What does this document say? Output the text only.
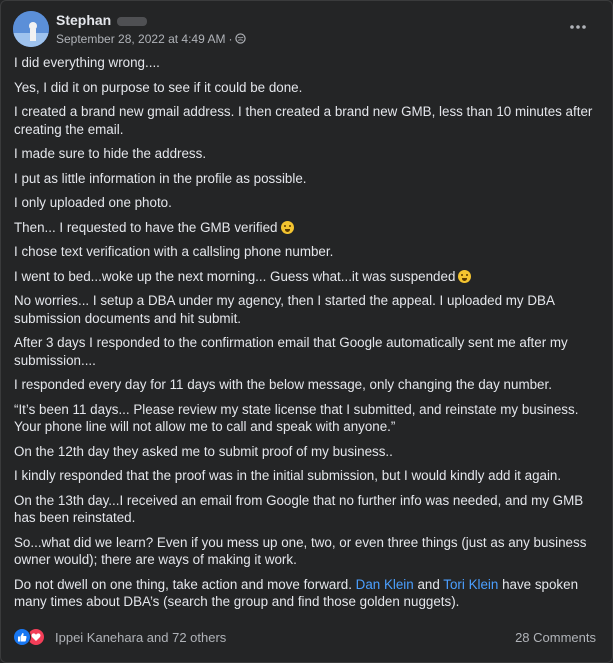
Stephan
September 28, 2022 at 4:49 AM ·

I did everything wrong....

Yes, I did it on purpose to see if it could be done.

I created a brand new gmail address. I then created a brand new GMB, less than 10 minutes after creating the email.

I made sure to hide the address.

I put as little information in the profile as possible.

I only uploaded one photo.

Then... I requested to have the GMB verified

I chose text verification with a callsling phone number.

I went to bed...woke up the next morning... Guess what...it was suspended

No worries... I setup a DBA under my agency, then I started the appeal. I uploaded my DBA submission documents and hit submit.

After 3 days I responded to the confirmation email that Google automatically sent me after my submission....

I responded every day for 11 days with the below message, only changing the day number.

“It’s been 11 days... Please review my state license that I submitted, and reinstate my business. Your phone line will not allow me to call and speak with anyone.”

On the 12th day they asked me to submit proof of my business..

I kindly responded that the proof was in the initial submission, but I would kindly add it again.

On the 13th day...I received an email from Google that no further info was needed, and my GMB has been reinstated.

So...what did we learn? Even if you mess up one, two, or even three things (just as any business owner would); there are ways of making it work.

Do not dwell on one thing, take action and move forward. Dan Klein and Tori Klein have spoken many times about DBA’s (search the group and find those golden nuggets).

Ippei Kanehara and 72 others	28 Comments
